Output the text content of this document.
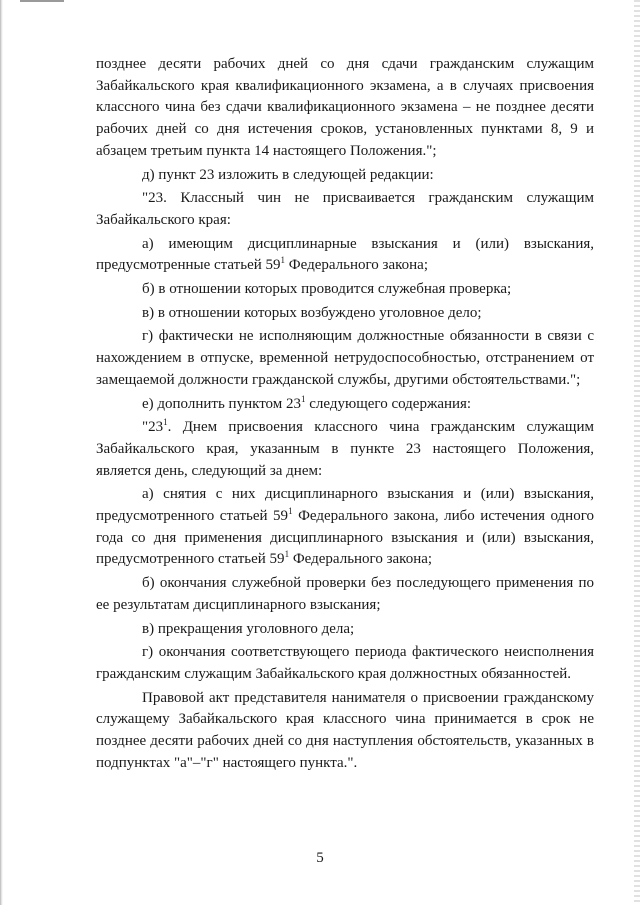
позднее десяти рабочих дней со дня сдачи гражданским служащим Забайкальского края квалификационного экзамена, а в случаях присвоения классного чина без сдачи квалификационного экзамена – не позднее десяти рабочих дней со дня истечения сроков, установленных пунктами 8, 9 и абзацем третьим пункта 14 настоящего Положения.";

д) пункт 23 изложить в следующей редакции:

"23. Классный чин не присваивается гражданским служащим Забайкальского края:

а) имеющим дисциплинарные взыскания и (или) взыскания, предусмотренные статьей $59^1$ Федерального закона;

б) в отношении которых проводится служебная проверка;

в) в отношении которых возбуждено уголовное дело;

г) фактически не исполняющим должностные обязанности в связи с нахождением в отпуске, временной нетрудоспособностью, отстранением от замещаемой должности гражданской службы, другими обстоятельствами.";

е) дополнить пунктом $23^1$ следующего содержания:

"$23^1$. Днем присвоения классного чина гражданским служащим Забайкальского края, указанным в пункте 23 настоящего Положения, является день, следующий за днем:

а) снятия с них дисциплинарного взыскания и (или) взыскания, предусмотренного статьей $59^1$ Федерального закона, либо истечения одного года со дня применения дисциплинарного взыскания и (или) взыскания, предусмотренного статьей $59^1$ Федерального закона;

б) окончания служебной проверки без последующего применения по ее результатам дисциплинарного взыскания;

в) прекращения уголовного дела;

г) окончания соответствующего периода фактического неисполнения гражданским служащим Забайкальского края должностных обязанностей.

Правовой акт представителя нанимателя о присвоении гражданскому служащему Забайкальского края классного чина принимается в срок не позднее десяти рабочих дней со дня наступления обстоятельств, указанных в подпунктах "а"–"г" настоящего пункта.".

5
